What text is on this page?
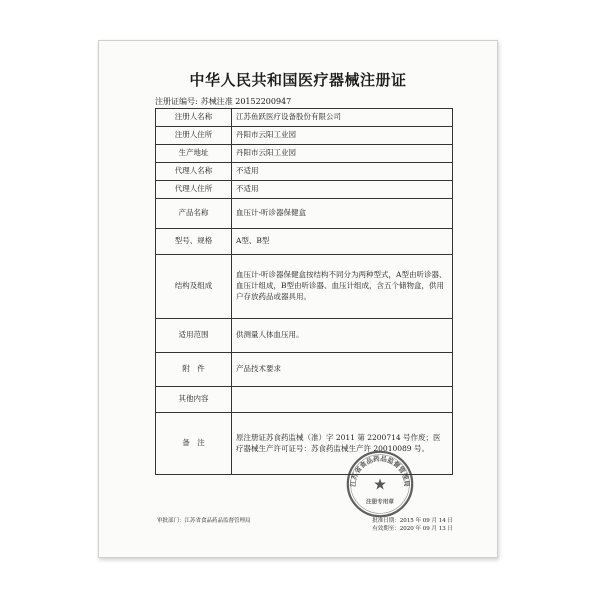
中华人民共和国医疗器械注册证
注册证编号: 苏械注准 20152200947
注册人名称	江苏鱼跃医疗设备股份有限公司
注册人住所	丹阳市云阳工业园
生产地址	丹阳市云阳工业园
代理人名称	不适用
代理人住所	不适用
产品名称	血压计-听诊器保健盒
型号、规格	A型、B型
结构及组成	血压计-听诊器保健盒按结构不同分为两种型式，A型由听诊器、血压计组成，B型由听诊器、血压计组成，含五个储物盒，供用户存放药品或器具用。
适用范围	供测量人体血压用。
附　件	产品技术要求
其他内容	
备　注	原注册证苏食药监械（准）字 2011 第 2200714 号作废；医疗器械生产许可证号：苏食药监械生产许 20010089 号。
审批部门：江苏省食品药品监督管理局	批准日期：2015 年 09 月 14 日
有效期至：2020 年 09 月 13 日
江苏省食品药品监督管理局
★
注册专用章
